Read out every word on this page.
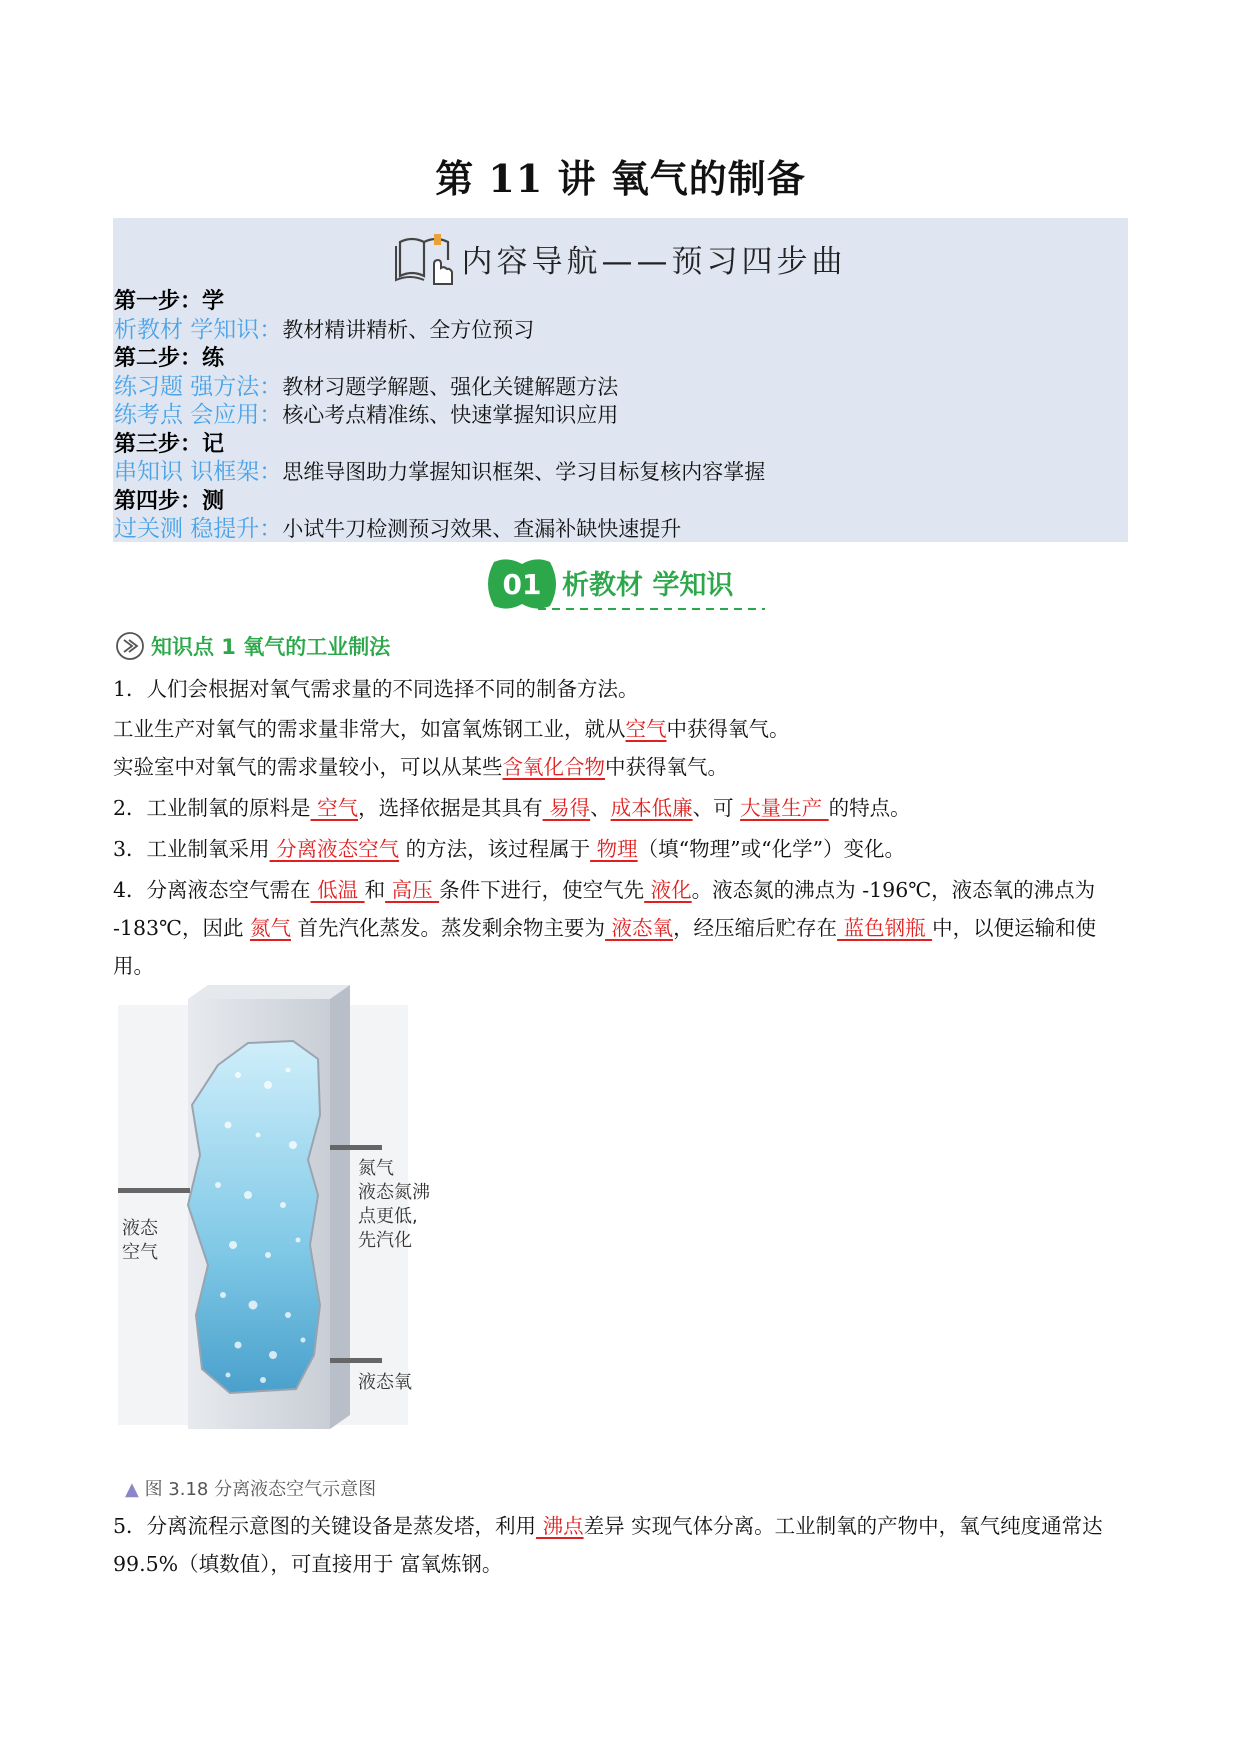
第 11 讲 氧气的制备
内容导航——预习四步曲
第一步：学
析教材 学知识：教材精讲精析、全方位预习
第二步：练
练习题 强方法：教材习题学解题、强化关键解题方法
练考点 会应用：核心考点精准练、快速掌握知识应用
第三步：记
串知识 识框架：思维导图助力掌握知识框架、学习目标复核内容掌握
第四步：测
过关测 稳提升：小试牛刀检测预习效果、查漏补缺快速提升
01 析教材 学知识
知识点 1 氧气的工业制法
1．人们会根据对氧气需求量的不同选择不同的制备方法。
工业生产对氧气的需求量非常大，如富氧炼钢工业，就从空气中获得氧气。
实验室中对氧气的需求量较小，可以从某些含氧化合物中获得氧气。
2．工业制氧的原料是 空气，选择依据是其具有 易得、成本低廉、可 大量生产 的特点。
3．工业制氧采用 分离液态空气 的方法，该过程属于 物理（填“物理”或“化学”）变化。
4．分离液态空气需在 低温 和 高压 条件下进行，使空气先 液化。液态氮的沸点为 -196℃，液态氧的沸点为 -183℃，因此 氮气 首先汽化蒸发。蒸发剩余物主要为 液态氧，经压缩后贮存在 蓝色钢瓶 中，以便运输和使用。
液态
空气
氮气
液态氮沸
点更低,
先汽化
液态氧
▲ 图 3.18 分离液态空气示意图
5．分离流程示意图的关键设备是蒸发塔，利用 沸点差异 实现气体分离。工业制氧的产物中，氧气纯度通常达 99.5%（填数值），可直接用于 富氧炼钢。
